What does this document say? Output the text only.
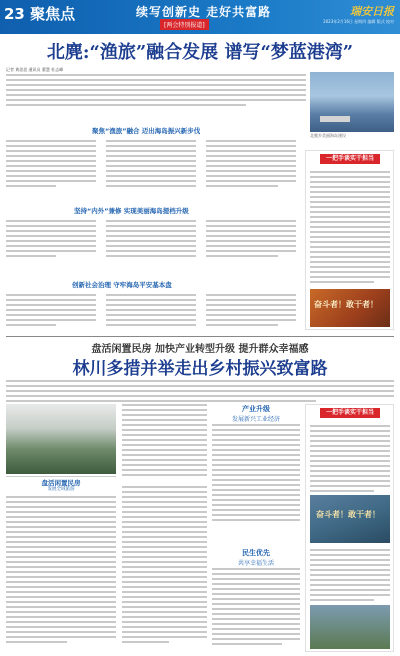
23 聚焦点	续写创新史 走好共富路
[两会特别报道]
瑞安日报
2023年2月16日 星期四 编辑 版式 校对
北麂:“渔旅”融合发展 谱写“梦蓝港湾”
记者 黄思思 通讯员 董慧 杜志峰
北麂乡美丽海岛建设
聚焦“渔旅”融合 迈出海岛振兴新步伐
坚持“内外”兼修 实现美丽海岛提档升级
创新社会治理 守牢海岛平安基本盘
一把手谈实干担当
奋斗者！敢干者！
盘活闲置民房 加快产业转型升级 提升群众幸福感
林川多措并举走出乡村振兴致富路
盘活闲置民房
发展全域旅游
产业升级
发展新兴工业经济
民生优先
共享幸福生活
一把手谈实干担当
奋斗者！敢干者！
